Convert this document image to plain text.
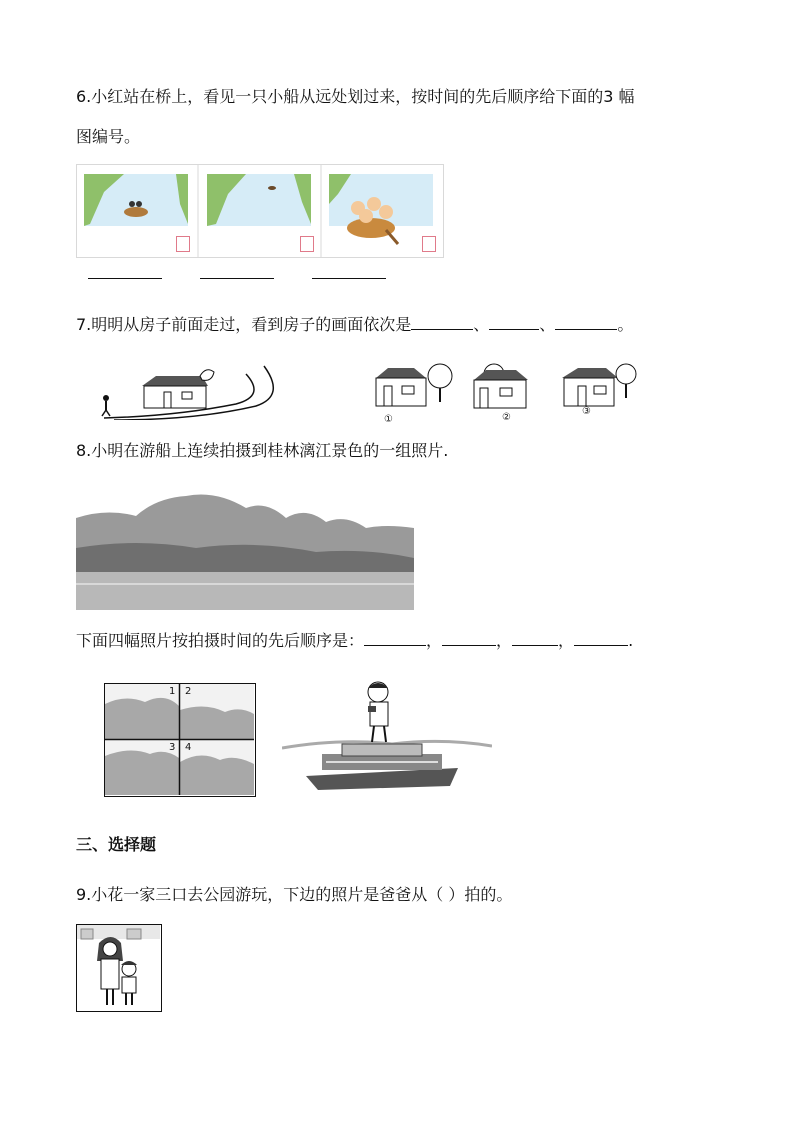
6.小红站在桥上，看见一只小船从远处划过来，按时间的先后顺序给下面的3 幅
图编号。
7.明明从房子前面走过，看到房子的画面依次是	、	、	。
①	②
③
8.小明在游船上连续拍摄到桂林漓江景色的一组照片.
下面四幅照片按拍摄时间的先后顺序是：	，	，	，	.
1 2
3 4
三、选择题
9.小花一家三口去公园游玩，下边的照片是爸爸从（ ）拍的。
